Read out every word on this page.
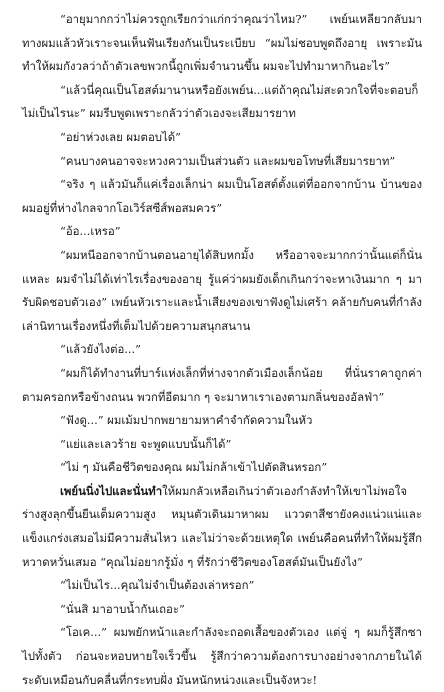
“อายุมากกว่าไม่ควรถูกเรียกว่าแก่กว่าคุณว่าไหม?” เพย์นเหลียวกลับมาทางผมแล้วหัวเราะจนเห็นฟันเรียงกันเป็นระเบียบ “ผมไม่ชอบพูดถึงอายุ เพราะมันทำให้ผมกังวลว่าถ้าตัวเลขพวกนี้ถูกเพิ่มจำนวนขึ้น ผมจะไปทำมาหากินอะไร”

“แล้วนี่คุณเป็นโฮสต์มานานหรือยังเพย์น...แต่ถ้าคุณไม่สะดวกใจที่จะตอบก็ไม่เป็นไรนะ” ผมรีบพูดเพราะกลัวว่าตัวเองจะเสียมารยาท

“อย่าห่วงเลย ผมตอบได้”

“คนบางคนอาจจะหวงความเป็นส่วนตัว และผมขอโทษที่เสียมารยาท”

“จริง ๆ แล้วมันก็แค่เรื่องเล็กน่า ผมเป็นโฮสต์ตั้งแต่ที่ออกจากบ้าน บ้านของผมอยู่ที่ห่างไกลจากโอเวิร์สซีส์พอสมควร”

“อ้อ...เหรอ”

“ผมหนีออกจากบ้านตอนอายุได้สิบหกมั้ง หรืออาจจะมากกว่านั้นแต่ก็นั่นแหละ ผมจำไม่ได้เท่าไรเรื่องของอายุ รู้แค่ว่าผมยังเด็กเกินกว่าจะหาเงินมาก ๆ มารับผิดชอบตัวเอง” เพย์นหัวเราะและน้ำเสียงของเขาฟังดูไม่เศร้า คล้ายกับคนที่กำลังเล่านิทานเรื่องหนึ่งที่เต็มไปด้วยความสนุกสนาน

“แล้วยังไงต่อ...”

“ผมก็ได้ทำงานที่บาร์แห่งเล็กที่ห่างจากตัวเมืองเล็กน้อย ที่นั่นราคาถูกค่าตามครอกหรือข้างถนน พวกที่อีตมาก ๆ จะมาหาเราเองตามกลิ่นของอัลฟ่า”

“ฟังดู...” ผมเม้มปากพยายามหาคำจำกัดความในหัว

“แย่และเลวร้าย จะพูดแบบนั้นก็ได้”

“ไม่ ๆ มันคือชีวิตของคุณ ผมไม่กล้าเข้าไปตัดสินหรอก”

เพย์นนิ่งไปและนั่นทำให้ผมกลัวเหลือเกินว่าตัวเองกำลังทำให้เขาไม่พอใจ ร่างสูงลุกขึ้นยืนเต็มความสูง หมุนตัวเดินมาหาผม แววตาสีชายังคงแน่วแน่และแข็งแกร่งเสมอไม่มีความสั่นไหว และไม่ว่าจะด้วยเหตุใด เพย์นคือคนที่ทำให้ผมรู้สึกหวาดหวั่นเสมอ “คุณไม่อยากรู้มั่ง ๆ ที่รักว่าชีวิตของโฮสต์มันเป็นยังไง”

“ไม่เป็นไร...คุณไม่จำเป็นต้องเล่าหรอก”

“นั่นสิ มาอาบน้ำกันเถอะ”

“โอเค...” ผมพยักหน้าและกำลังจะถอดเสื้อของตัวเอง แต่จู่ ๆ ผมก็รู้สึกซาไปทั้งตัว ก่อนจะหอบหายใจเร็วขึ้น รู้สึกว่าความต้องการบางอย่างจากภายในได้ระดับเหมือนกับคลื่นที่กระทบฝั่ง มันหนักหน่วงและเป็นจังหวะ!
